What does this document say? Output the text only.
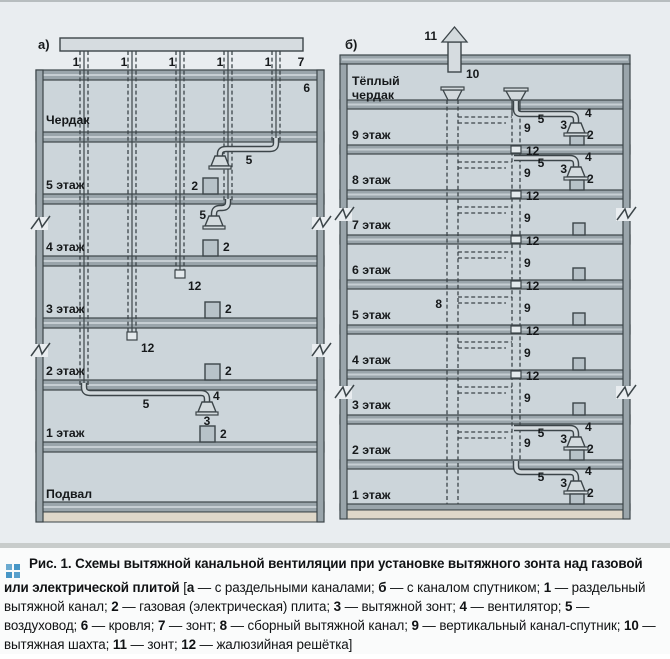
а)
1	1	1	1	1 7
6
Чердак
5 этаж
4 этаж
3 этаж
2 этаж
1 этаж
Подвал
5
2
5
2
12
2
12
2
5
4
3
2
б)
11
10
Тёплый
чердак
9 этаж
8 этаж
7 этаж
6 этаж
5 этаж
4 этаж
3 этаж
2 этаж
1 этаж
8
9
9
9
9
9
9
9
9
12
12
12
12
12
12
5
5
5
5
4
4
4
4
3
3
3
3
2
2
2
2
Рис. 1. Схемы вытяжной канальной вентиляции при установке вытяжного зонта над газовой или электрической плитой [а — с раздельными каналами; б — с каналом спутником; 1 — раздельный вытяжной канал; 2 — газовая (электрическая) плита; 3 — вытяжной зонт; 4 — вентилятор; 5 — воздуховод; 6 — кровля; 7 — зонт; 8 — сборный вытяжной канал; 9 — вертикальный канал-спутник; 10 — вытяжная шахта; 11 — зонт; 12 — жалюзийная решётка]
